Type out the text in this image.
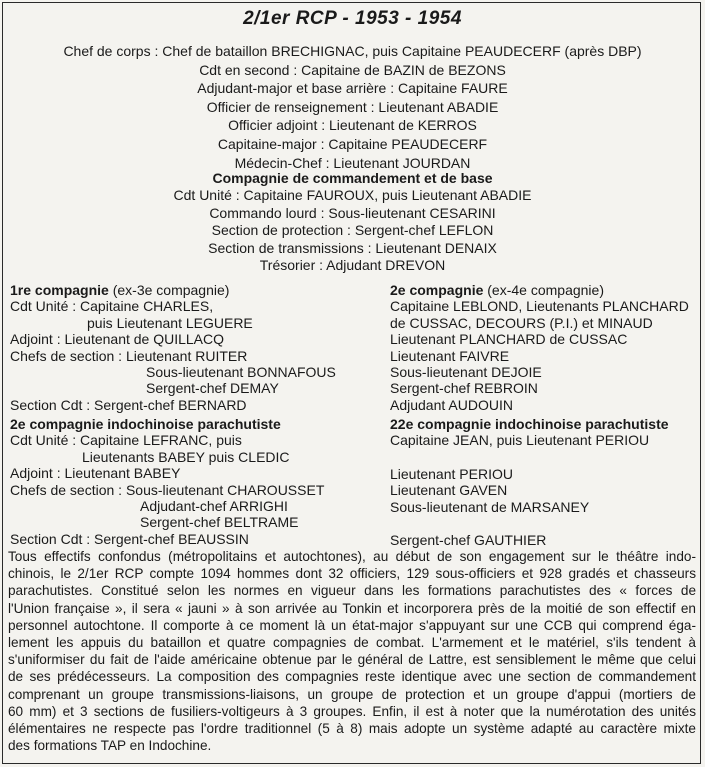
2/1er RCP - 1953 - 1954
Chef de corps : Chef de bataillon BRECHIGNAC, puis Capitaine PEAUDECERF (après DBP)
Cdt en second : Capitaine de BAZIN de BEZONS
Adjudant-major et base arrière : Capitaine FAURE
Officier de renseignement : Lieutenant ABADIE
Officier adjoint : Lieutenant de KERROS
Capitaine-major : Capitaine PEAUDECERF
Médecin-Chef : Lieutenant JOURDAN
Compagnie de commandement et de base
Cdt Unité : Capitaine FAUROUX, puis Lieutenant ABADIE
Commando lourd : Sous-lieutenant CESARINI
Section de protection : Sergent-chef LEFLON
Section de transmissions : Lieutenant DENAIX
Trésorier : Adjudant DREVON
1re compagnie (ex-3e compagnie)
Cdt Unité : Capitaine CHARLES,
puis Lieutenant LEGUERE
Adjoint : Lieutenant de QUILLACQ
Chefs de section : Lieutenant RUITER
Sous-lieutenant BONNAFOUS
Sergent-chef DEMAY
Section Cdt : Sergent-chef BERNARD
2e compagnie (ex-4e compagnie)
Capitaine LEBLOND, Lieutenants PLANCHARD
de CUSSAC, DECOURS (P.I.) et MINAUD
Lieutenant PLANCHARD de CUSSAC
Lieutenant FAIVRE
Sous-lieutenant DEJOIE
Sergent-chef REBROIN
Adjudant AUDOUIN
2e compagnie indochinoise parachutiste
Cdt Unité : Capitaine LEFRANC, puis
Lieutenants BABEY puis CLEDIC
Adjoint : Lieutenant BABEY
Chefs de section : Sous-lieutenant CHAROUSSET
Adjudant-chef ARRIGHI
Sergent-chef BELTRAME
Section Cdt : Sergent-chef BEAUSSIN
22e compagnie indochinoise parachutiste
Capitaine JEAN, puis Lieutenant PERIOU
Lieutenant PERIOU
Lieutenant GAVEN
Sous-lieutenant de MARSANEY
Sergent-chef GAUTHIER
Tous effectifs confondus (métropolitains et autochtones), au début de son engagement sur le théâtre indo-
chinois, le 2/1er RCP compte 1094 hommes dont 32 officiers, 129 sous-officiers et 928 gradés et chasseurs
parachutistes. Constitué selon les normes en vigueur dans les formations parachutistes des « forces de
l'Union française », il sera « jauni » à son arrivée au Tonkin et incorporera près de la moitié de son effectif en
personnel autochtone. Il comporte à ce moment là un état-major s'appuyant sur une CCB qui comprend éga-
lement les appuis du bataillon et quatre compagnies de combat. L'armement et le matériel, s'ils tendent à
s'uniformiser du fait de l'aide américaine obtenue par le général de Lattre, est sensiblement le même que celui
de ses prédécesseurs. La composition des compagnies reste identique avec une section de commandement
comprenant un groupe transmissions-liaisons, un groupe de protection et un groupe d'appui (mortiers de
60 mm) et 3 sections de fusiliers-voltigeurs à 3 groupes. Enfin, il est à noter que la numérotation des unités
élémentaires ne respecte pas l'ordre traditionnel (5 à 8) mais adopte un système adapté au caractère mixte
des formations TAP en Indochine.
